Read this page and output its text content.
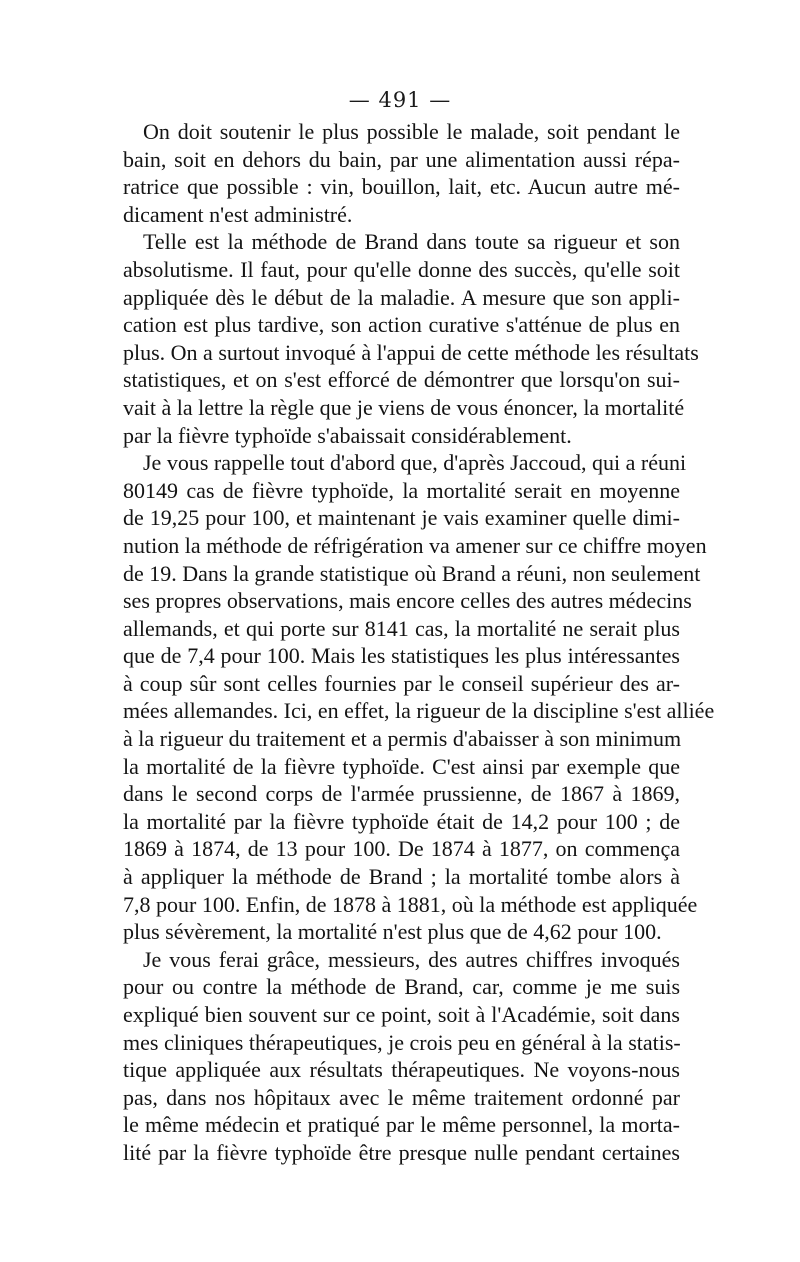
— 491 —
On doit soutenir le plus possible le malade, soit pendant le
bain, soit en dehors du bain, par une alimentation aussi répa-
ratrice que possible : vin, bouillon, lait, etc. Aucun autre mé-
dicament n'est administré.
Telle est la méthode de Brand dans toute sa rigueur et son
absolutisme. Il faut, pour qu'elle donne des succès, qu'elle soit
appliquée dès le début de la maladie. A mesure que son appli-
cation est plus tardive, son action curative s'atténue de plus en
plus. On a surtout invoqué à l'appui de cette méthode les résultats
statistiques, et on s'est efforcé de démontrer que lorsqu'on sui-
vait à la lettre la règle que je viens de vous énoncer, la mortalité
par la fièvre typhoïde s'abaissait considérablement.
Je vous rappelle tout d'abord que, d'après Jaccoud, qui a réuni
80149 cas de fièvre typhoïde, la mortalité serait en moyenne
de 19,25 pour 100, et maintenant je vais examiner quelle dimi-
nution la méthode de réfrigération va amener sur ce chiffre moyen
de 19. Dans la grande statistique où Brand a réuni, non seulement
ses propres observations, mais encore celles des autres médecins
allemands, et qui porte sur 8141 cas, la mortalité ne serait plus
que de 7,4 pour 100. Mais les statistiques les plus intéressantes
à coup sûr sont celles fournies par le conseil supérieur des ar-
mées allemandes. Ici, en effet, la rigueur de la discipline s'est alliée
à la rigueur du traitement et a permis d'abaisser à son minimum
la mortalité de la fièvre typhoïde. C'est ainsi par exemple que
dans le second corps de l'armée prussienne, de 1867 à 1869,
la mortalité par la fièvre typhoïde était de 14,2 pour 100 ; de
1869 à 1874, de 13 pour 100. De 1874 à 1877, on commença
à appliquer la méthode de Brand ; la mortalité tombe alors à
7,8 pour 100. Enfin, de 1878 à 1881, où la méthode est appliquée
plus sévèrement, la mortalité n'est plus que de 4,62 pour 100.
Je vous ferai grâce, messieurs, des autres chiffres invoqués
pour ou contre la méthode de Brand, car, comme je me suis
expliqué bien souvent sur ce point, soit à l'Académie, soit dans
mes cliniques thérapeutiques, je crois peu en général à la statis-
tique appliquée aux résultats thérapeutiques. Ne voyons-nous
pas, dans nos hôpitaux avec le même traitement ordonné par
le même médecin et pratiqué par le même personnel, la morta-
lité par la fièvre typhoïde être presque nulle pendant certaines
